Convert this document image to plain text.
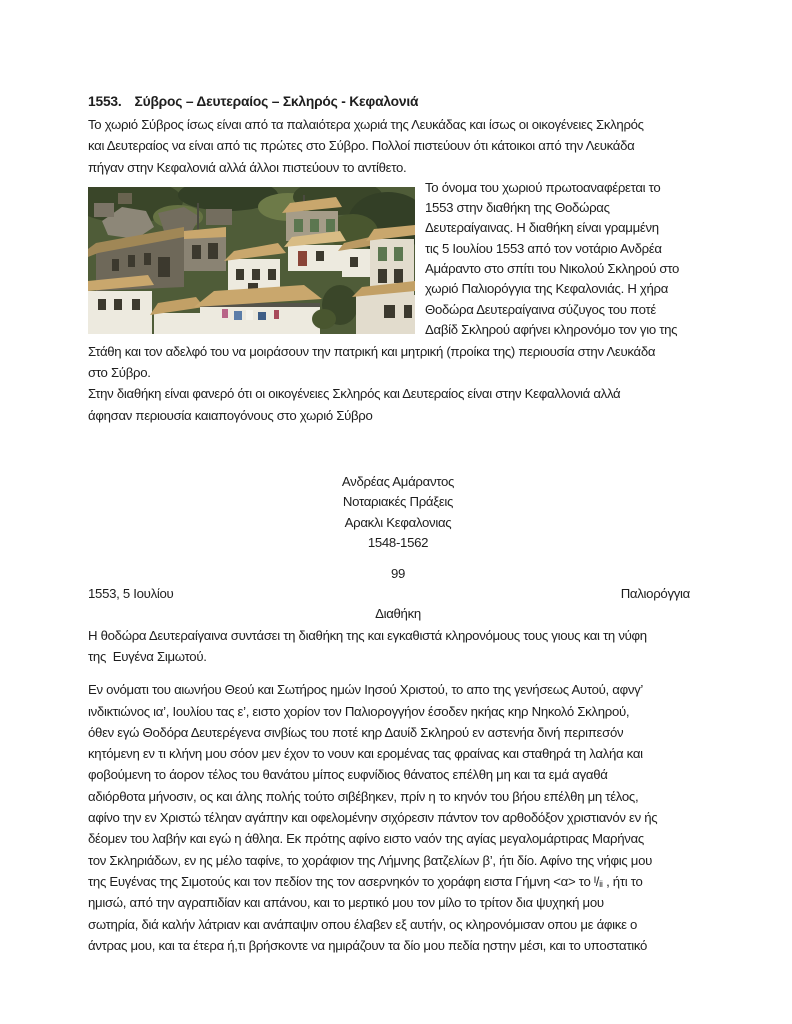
1553. Σύβρος – Δευτεραίος – Σκληρός - Κεφαλονιά
Το χωριό Σύβρος ίσως είναι από τα παλαιότερα χωριά της Λευκάδας και ίσως οι οικογένειες Σκληρός
και Δευτεραίος να είναι από τις πρώτες στο Σύβρο. Πολλοί πιστεύουν ότι κάτοικοι από την Λευκάδα
πήγαν στην Κεφαλονιά αλλά άλλοι πιστεύουν το αντίθετο.
Το όνομα του χωριού πρωτοαναφέρεται το
1553 στην διαθήκη της Θοδώρας
Δευτεραίγαινας. Η διαθήκη είναι γραμμένη
τις 5 Ιουλίου 1553 από τον νοτάριο Ανδρέα
Αμάραντο στο σπίτι του Νικολού Σκληρού στο
χωριό Παλιορόγγια της Κεφαλονιάς. Η χήρα
Θοδώρα Δευτεραίγαινα σύζυγος του ποτέ
Δαβίδ Σκληρού αφήνει κληρονόμο τον γιο της
Στάθη και τον αδελφό του να μοιράσουν την πατρική και μητρική (προίκα της) περιουσία στην Λευκάδα
στο Σύβρο.
Στην διαθήκη είναι φανερό ότι οι οικογένειες Σκληρός και Δευτεραίος είναι στην Κεφαλλονιά αλλά
άφησαν περιουσία καιαπογόνους στο χωριό Σύβρο
Ανδρέας Αμάραντος
Νοταριακές Πράξεις
Αρακλι Κεφαλονιας
1548-1562
99
1553, 5 Ιουλίου	Παλιορόγγια
Διαθήκη
Η θοδώρα Δευτεραίγαινα συντάσει τη διαθήκη της και εγκαθιστά κληρονόμους τους γιους και τη νύφη
της  Ευγένα Σιμωτού.
Εν ονόματι του αιωνήου Θεού και Σωτήρος ημών Ιησού Χριστού, το απο της γενήσεως Αυτού, αφνγ’
ινδικτιώνος ια’, Ιουλίου τας ε’, ειστο χορίον τον Παλιορογγήον έσοδεν ηκήας κηρ Νηκολό Σκληρού,
όθεν εγώ Θοδόρα Δευτερέγενα σινβίως του ποτέ κηρ Δαυίδ Σκληρού εν αστενήα δινή περιπεσόν
κητόμενη εν τι κλήνη μου σόον μεν έχον το νουν και ερομένας τας φραίνας και σταθηρά τη λαλήα και
φοβούμενη το άορον τέλος του θανάτου μίπος ευφνίδιος θάνατος επέλθη μη και τα εμά αγαθά
αδιόρθοτα μήνοσιν, ος και άλης πολής τούτο σιβέβηκεν, πρίν η το κηνόν του βήου επέλθη μη τέλος,
αφίνο την εν Χριστώ τέληαν αγάπην και οφελομένην σιχόρεσιν πάντον τον αρθοδόξον χριστιανόν εν ής
δέομεν του λαβήν και εγώ η άθληα. Εκ πρότης αφίνο ειστο ναόν της αγίας μεγαλομάρτιρας Μαρήνας
τον Σκληριάδων, εν ης μέλο ταφίνε, το χοράφιον της Λήμνης βατζελίων β’, ήτι δίο. Αφίνο της νήφις μου
της Ευγένας της Σιμοτούς και τον πεδίον της τον ασερνηκόν το χοράφη ειστα Γήμνη <α> το ᴵ/ᵢᵢ , ήτι το
ημισώ, από την αγραπιδίαν και απάνου, και το μερτικό μου τον μίλο το τρίτον δια ψυχηκή μου
σωτηρία, διά καλήν λάτριαν και ανάπαψιν οπου έλαβεν εξ αυτήν, ος κληρονόμισαν οπου με άφικε ο
άντρας μου, και τα έτερα ή,τι βρήσκοντε να ημιράζουν τα δίο μου πεδία ηστην μέσι, και το υποστατικό
